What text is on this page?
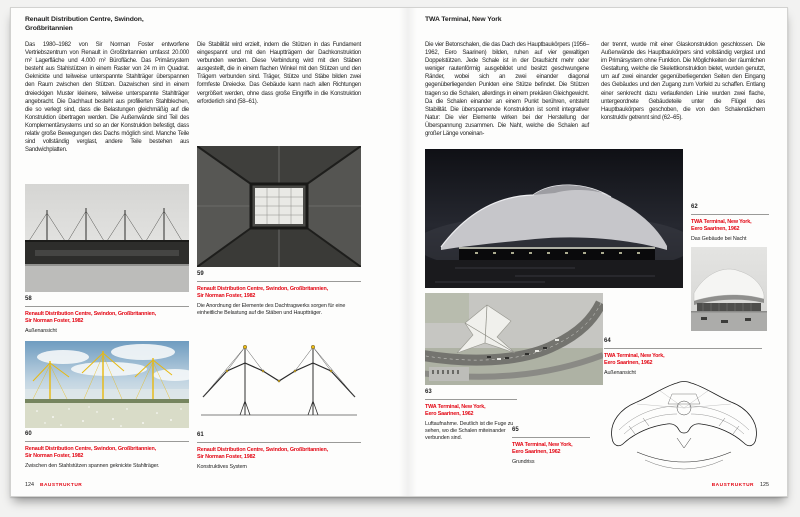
Renault Distribution Centre, Swindon, Großbritannien
Das 1980–1982 von Sir Norman Foster entworfene Vertriebszentrum von Renault in Großbritannien umfasst 20.000 m² Lagerfläche und 4.000 m² Bürofläche. Das Primärsystem besteht aus Stahlstützen in einem Raster von 24 m im Quadrat. Geknickte und teilweise unterspannte Stahlträger überspannen den Raum zwischen den Stützen. Dazwischen sind in einem dreieckigen Muster kleinere, teilweise unterspannte Stahlträger angebracht. Die Dachhaut besteht aus profilierten Stahlblechen, die so verlegt sind, dass die Belastungen gleichmäßig auf die Konstruktion übertragen werden. Die Außenwände sind Teil des Komplementärsystems und so an der Konstruktion befestigt, dass relativ große Bewegungen des Dachs möglich sind. Manche Teile sind vollständig verglast, andere Teile bestehen aus Sandwichplatten.
Die Stabilität wird erzielt, indem die Stützen in das Fundament eingespannt und mit den Hauptträgern der Dachkonstruktion verbunden werden. Diese Verbindung wird mit den Stäben ausgesteift, die in einem flachen Winkel mit den Stützen und den Trägern verbunden sind. Träger, Stütze und Stäbe bilden zwei formfeste Dreiecke. Das Gebäude kann nach allen Richtungen vergrößert werden, ohne dass große Eingriffe in die Konstruktion erforderlich sind (58–61).
58
Renault Distribution Centre, Swindon, Großbritannien,
Sir Norman Foster, 1982
Außenansicht
60
Renault Distribution Centre, Swindon, Großbritannien,
Sir Norman Foster, 1982
Zwischen den Stahlstützen spannen geknickte Stahlträger.
59
Renault Distribution Centre, Swindon, Großbritannien,
Sir Norman Foster, 1982
Die Anordnung der Elemente des Dachtragwerks sorgen für eine einheitliche Belastung auf die Stäben und Hauptträger.
61
Renault Distribution Centre, Swindon, Großbritannien,
Sir Norman Foster, 1982
Konstruktives System
124 BAUSTRUKTUR
TWA Terminal, New York
Die vier Betonschalen, die das Dach des Hauptbaukörpers (1956–1962, Eero Saarinen) bilden, ruhen auf vier gewaltigen Doppelstützen. Jede Schale ist in der Draufsicht mehr oder weniger rautenförmig ausgebildet und besitzt geschwungene Ränder, wobei sich an zwei einander diagonal gegenüberliegenden Punkten eine Stütze befindet. Die Stützen tragen so die Schalen, allerdings in einem prekären Gleichgewicht. Da die Schalen einander an einem Punkt berühren, entsteht Stabilität. Die überspannende Konstruktion ist somit integrativer Natur: Die vier Elemente wirken bei der Herstellung der Überspannung zusammen. Die Naht, welche die Schalen auf großer Länge voneinan-
der trennt, wurde mit einer Glaskonstruktion geschlossen. Die Außenwände des Hauptbaukörpers sind vollständig verglast und im Primärsystem ohne Funktion. Die Möglichkeiten der räumlichen Gestaltung, welche die Skelettkonstruktion bietet, wurden genutzt, um auf zwei einander gegenüberliegenden Seiten den Eingang des Gebäudes und den Zugang zum Vorfeld zu schaffen. Entlang einer senkrecht dazu verlaufenden Linie wurden zwei flache, untergeordnete Gebäudeteile unter die Flügel des Hauptbaukörpers geschoben, die von den Schalendächern konstruktiv getrennt sind (62–65).
62
TWA Terminal, New York,
Eero Saarinen, 1962
Das Gebäude bei Nacht
64
TWA Terminal, New York,
Eero Saarinen, 1962
Außenansicht
63
TWA Terminal, New York,
Eero Saarinen, 1962
Luftaufnahme. Deutlich ist die Fuge zu sehen, wo die Schalen miteinander verbunden sind.
65
TWA Terminal, New York,
Eero Saarinen, 1962
Grundriss
BAUSTRUKTUR 125
